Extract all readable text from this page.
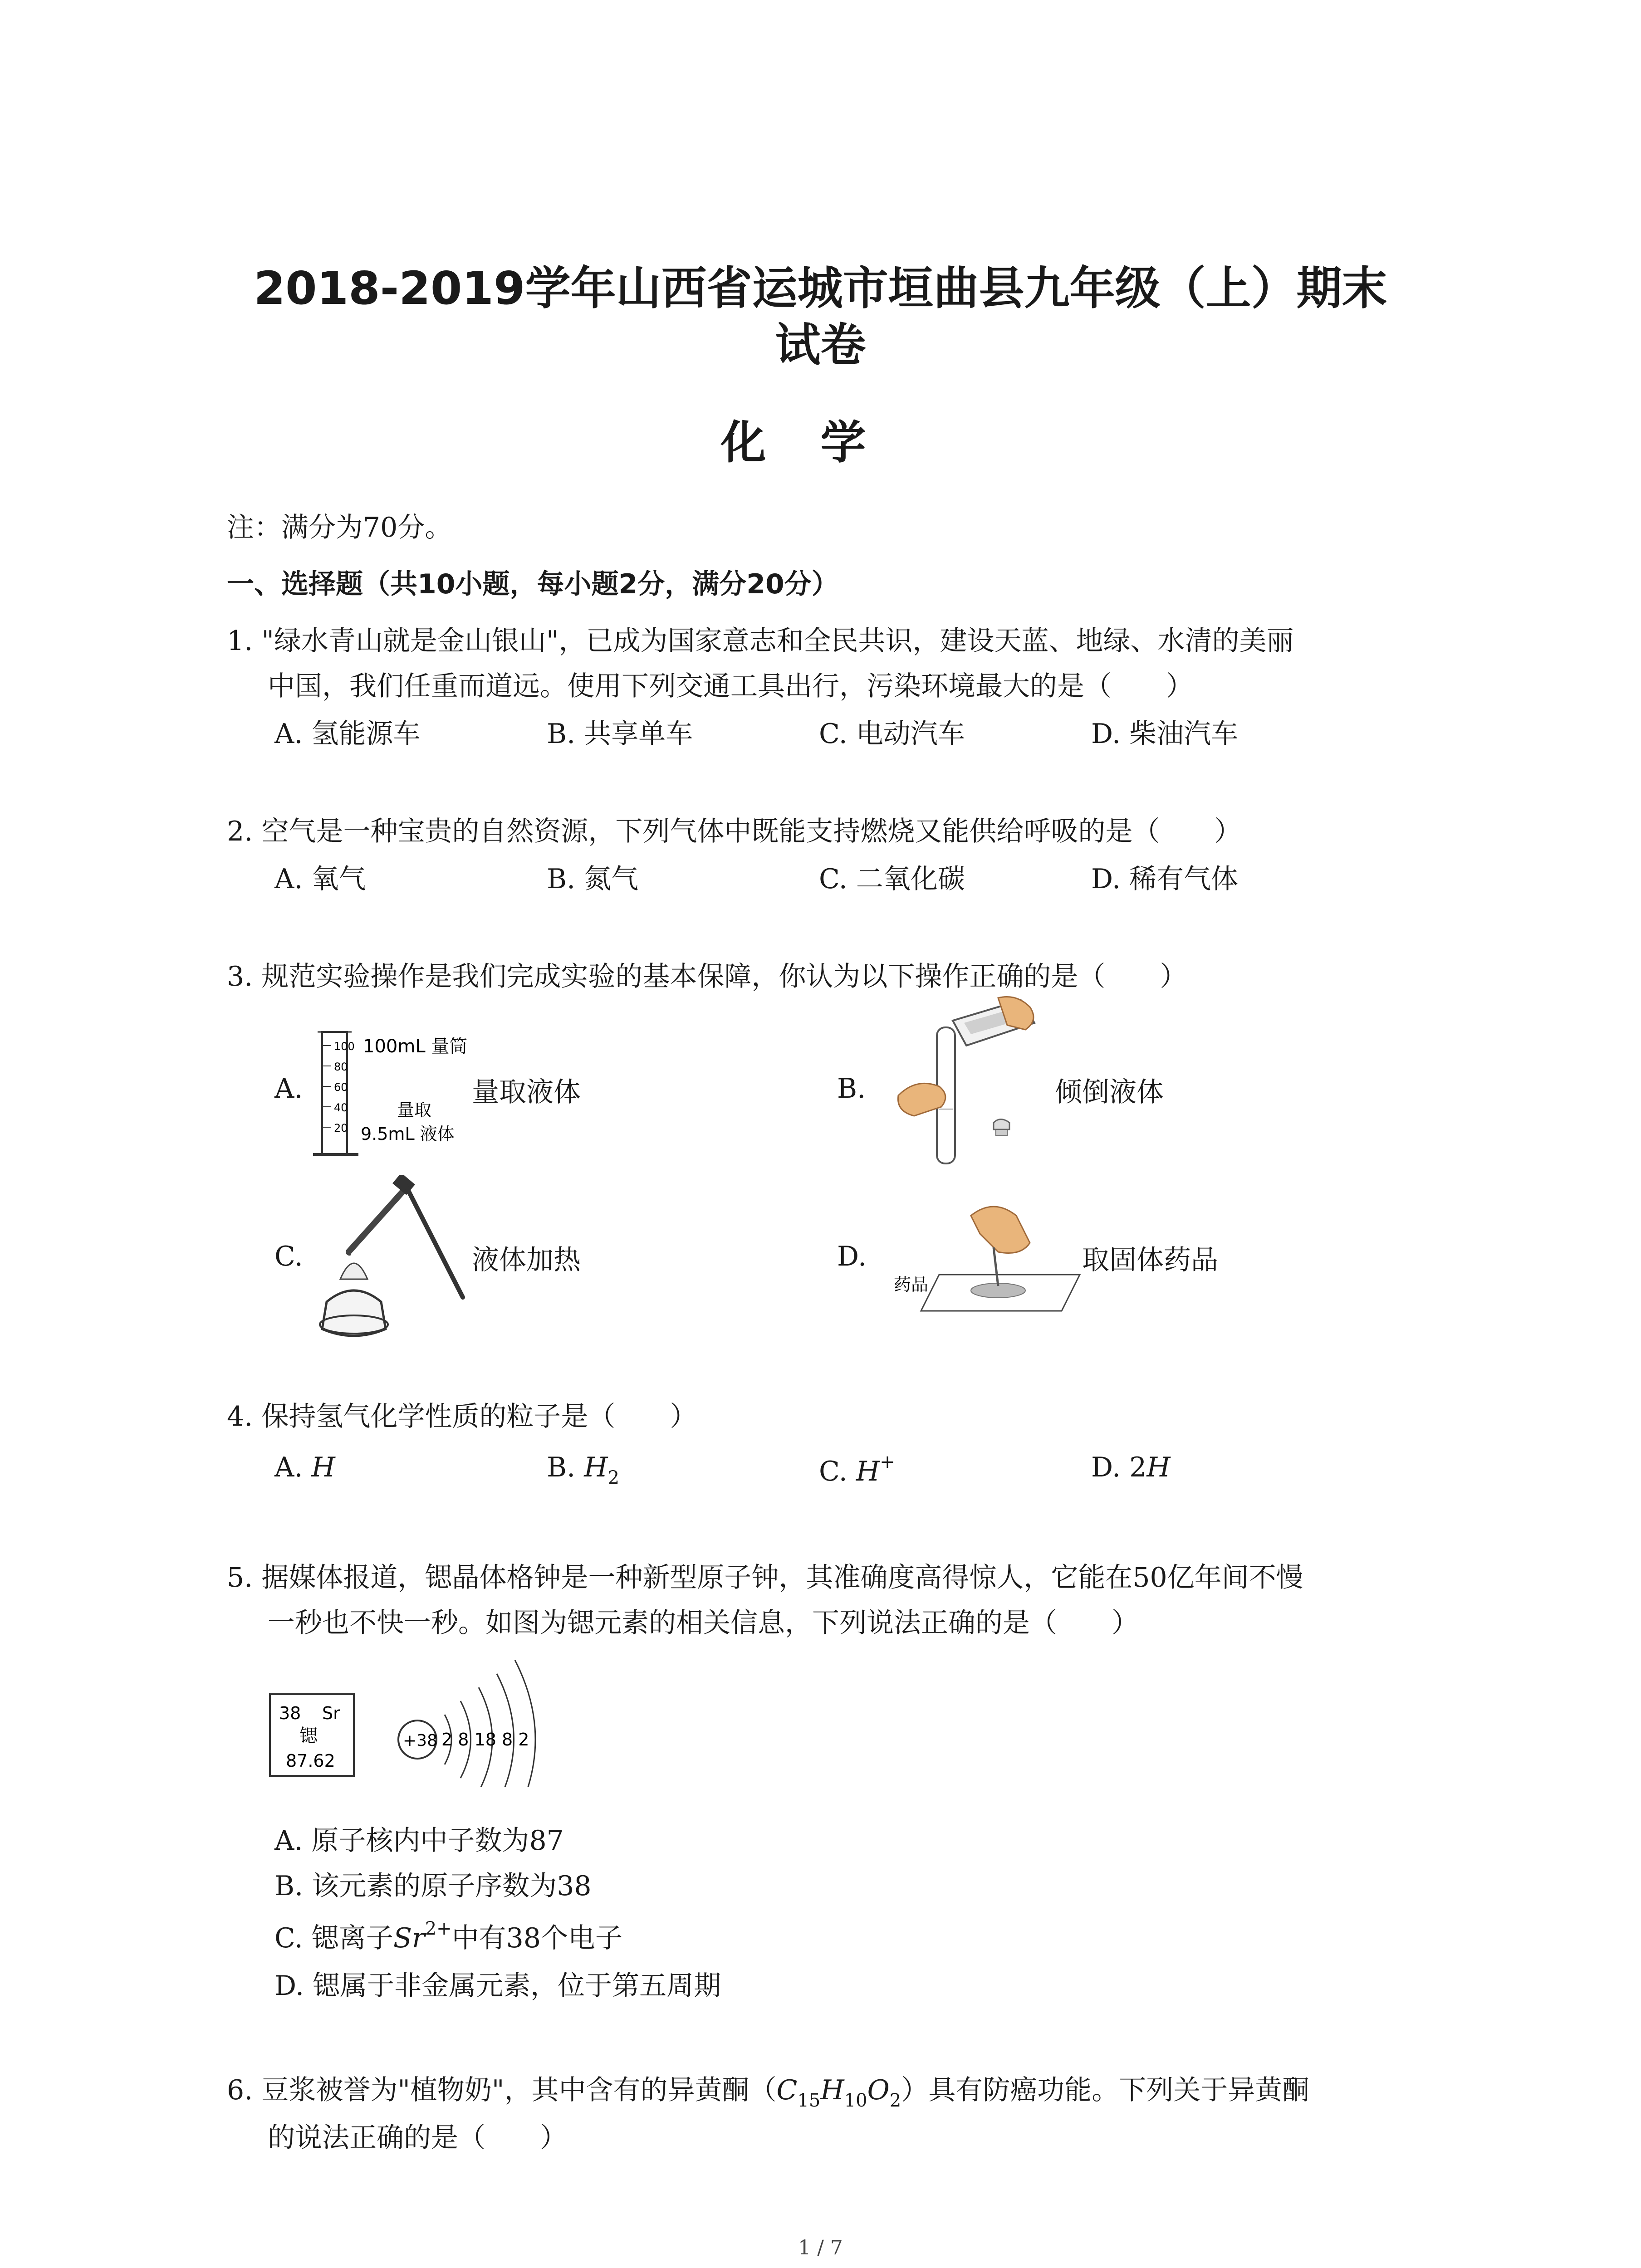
2018-2019学年山西省运城市垣曲县九年级（上）期末
试卷
化学
注：满分为70分。
一、选择题（共10小题，每小题2分，满分20分）
1. "绿水青山就是金山银山"，已成为国家意志和全民共识，建设天蓝、地绿、水清的美丽
中国，我们任重而道远。使用下列交通工具出行，污染环境最大的是（　　）
A. 氢能源车	B. 共享单车	C. 电动汽车	D. 柴油汽车
2. 空气是一种宝贵的自然资源，下列气体中既能支持燃烧又能供给呼吸的是（　　）
A. 氧气	B. 氮气	C. 二氧化碳	D. 稀有气体
3. 规范实验操作是我们完成实验的基本保障，你认为以下操作正确的是（　　）
A.
100
80
60
40
20
100mL 量筒
量取
9.5mL 液体
量取液体	B.	倾倒液体
C.	液体加热	D.
药品
取固体药品
4. 保持氢气化学性质的粒子是（　　）
A. H	B. $H_2$	C. H+	D. 2H
5. 据媒体报道，锶晶体格钟是一种新型原子钟，其准确度高得惊人，它能在50亿年间不慢
一秒也不快一秒。如图为锶元素的相关信息，下列说法正确的是（　　）
38 Sr
锶
87.62
+38 2 8 18 8 2
A. 原子核内中子数为87
B. 该元素的原子序数为38
C. 锶离子$Sr^{2+}$中有38个电子
D. 锶属于非金属元素，位于第五周期
6. 豆浆被誉为"植物奶"，其中含有的异黄酮$(C_{15}H_{10}O_2)$具有防癌功能。下列关于异黄酮
的说法正确的是（　　）
1 / 7
